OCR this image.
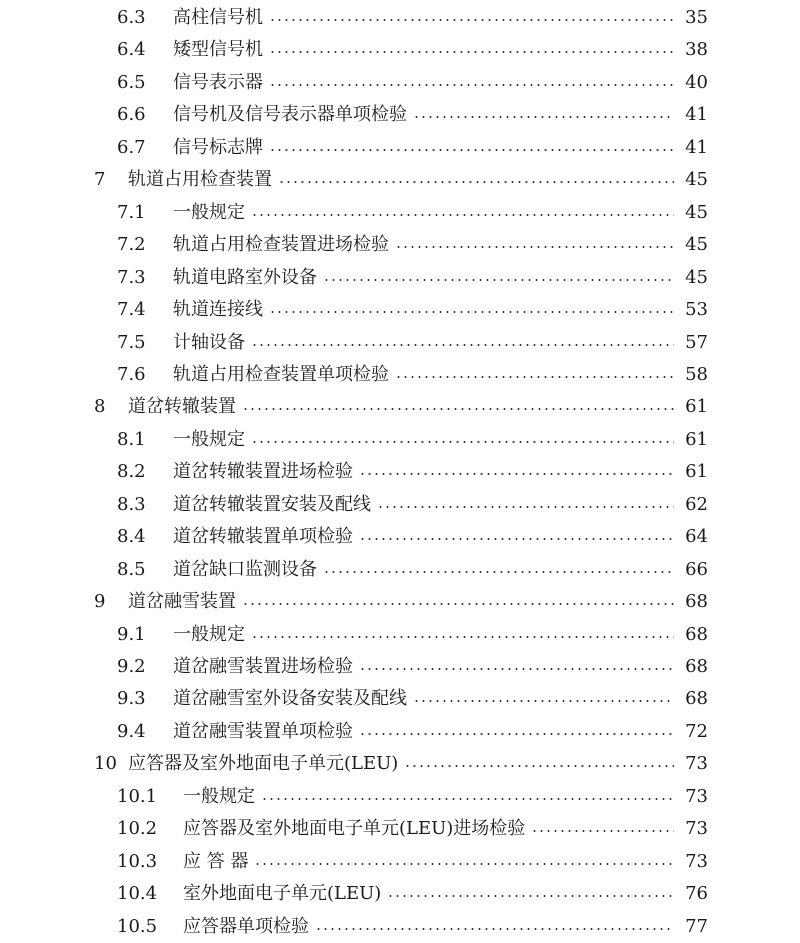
6.3	高柱信号机	35
6.4	矮型信号机	38
6.5	信号表示器	40
6.6	信号机及信号表示器单项检验	41
6.7	信号标志牌	41
7	轨道占用检查装置	45
7.1	一般规定	45
7.2	轨道占用检查装置进场检验	45
7.3	轨道电路室外设备	45
7.4	轨道连接线	53
7.5	计轴设备	57
7.6	轨道占用检查装置单项检验	58
8	道岔转辙装置	61
8.1	一般规定	61
8.2	道岔转辙装置进场检验	61
8.3	道岔转辙装置安装及配线	62
8.4	道岔转辙装置单项检验	64
8.5	道岔缺口监测设备	66
9	道岔融雪装置	68
9.1	一般规定	68
9.2	道岔融雪装置进场检验	68
9.3	道岔融雪室外设备安装及配线	68
9.4	道岔融雪装置单项检验	72
10 应答器及室外地面电子单元(LEU)	73
10.1	一般规定	73
10.2	应答器及室外地面电子单元(LEU)进场检验	73
10.3	应 答 器	73
10.4	室外地面电子单元(LEU)	76
10.5	应答器单项检验	77
